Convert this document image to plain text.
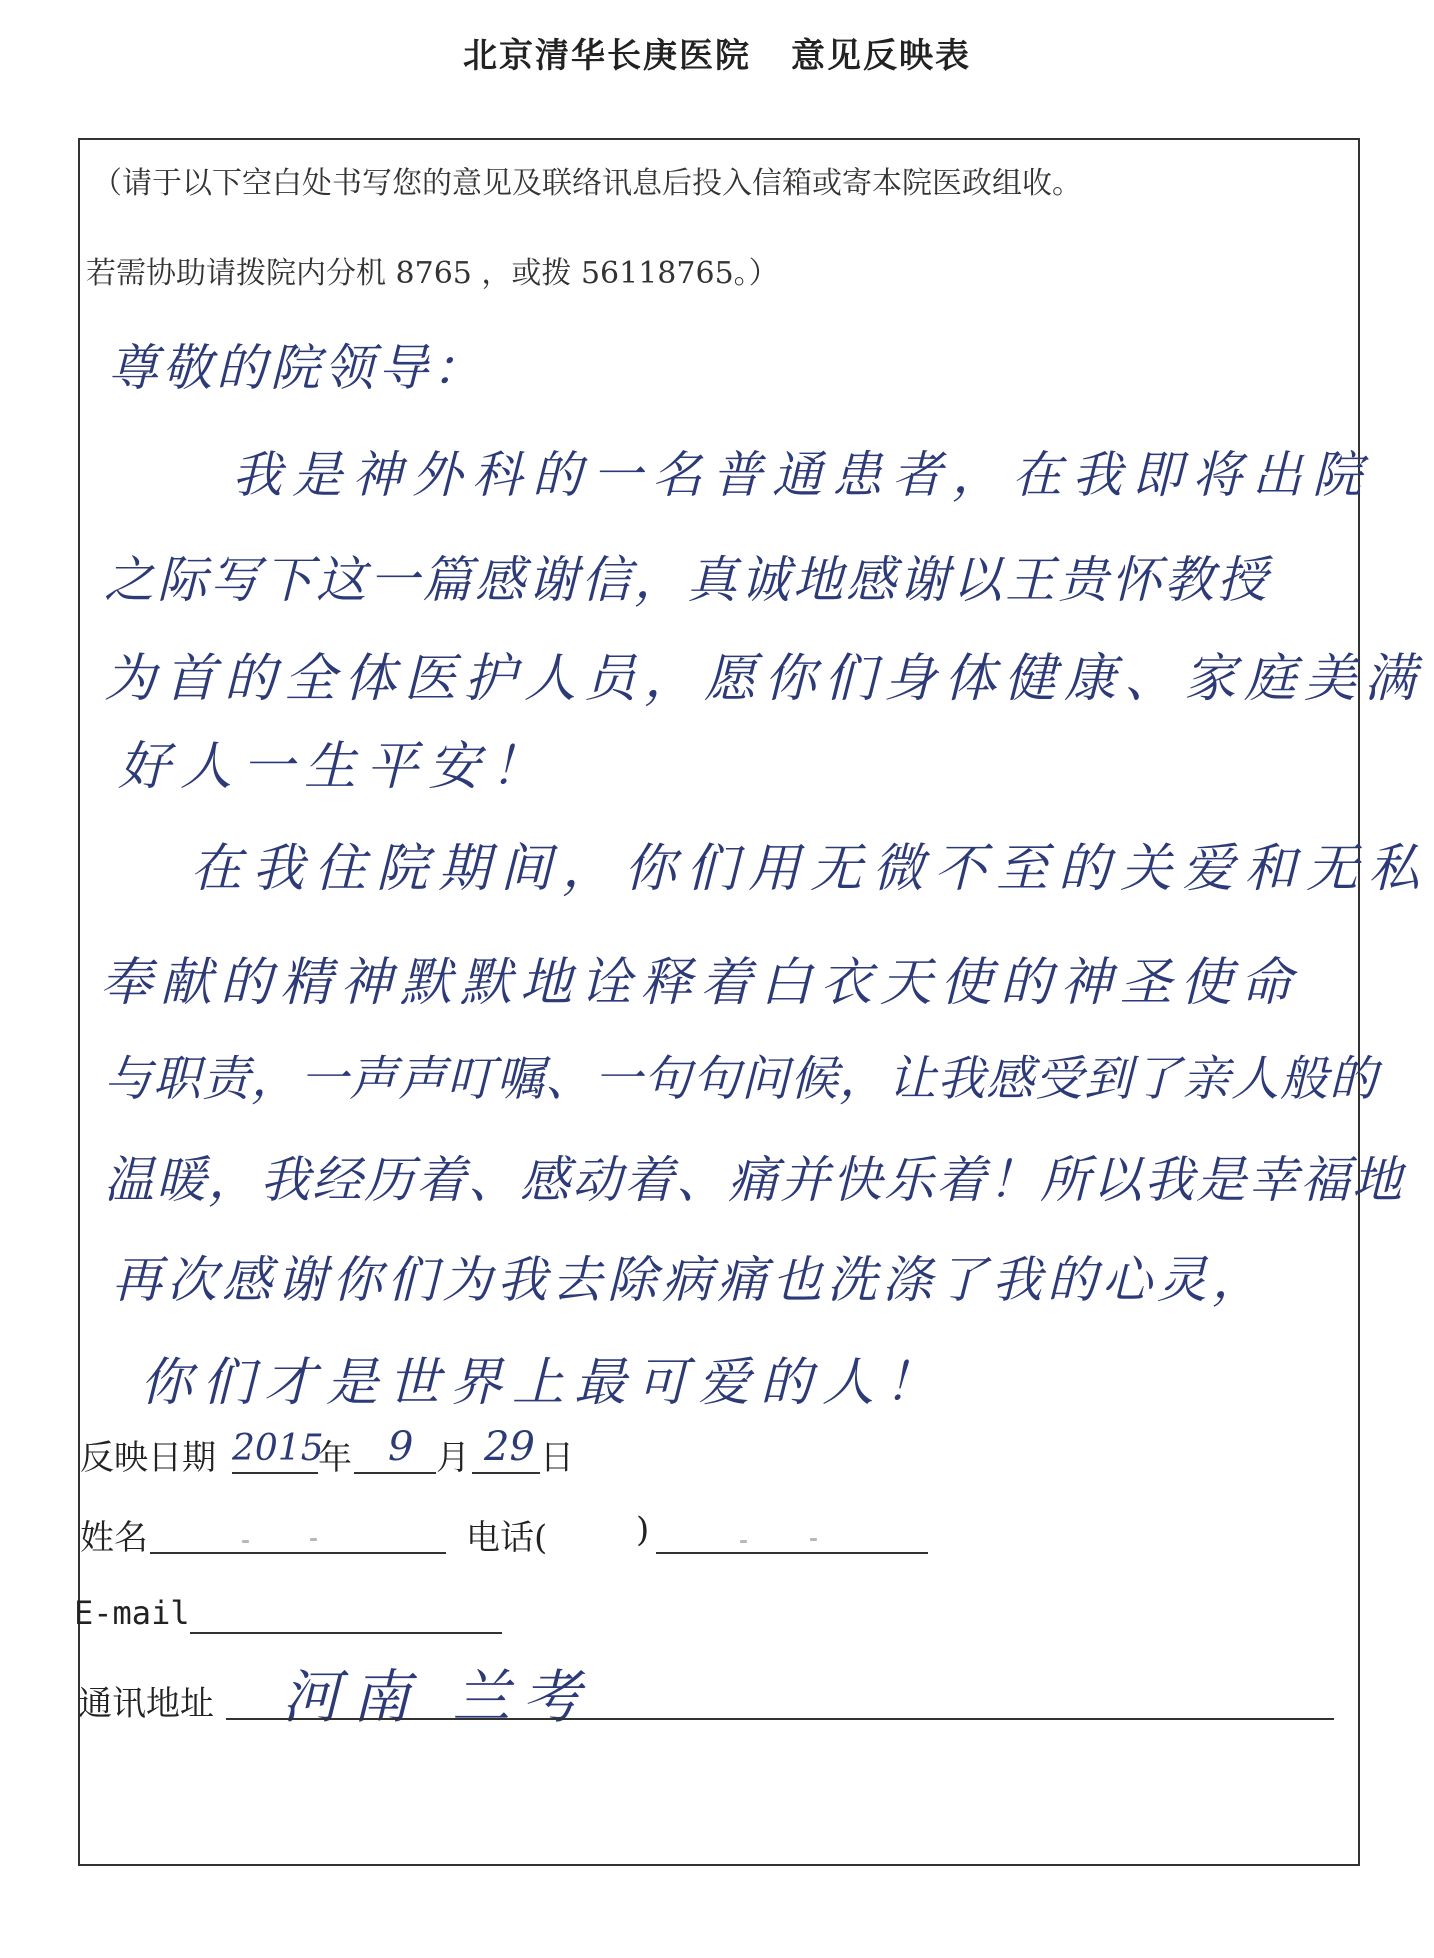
北京清华长庚医院 意见反映表
（请于以下空白处书写您的意见及联络讯息后投入信箱或寄本院医政组收。
若需协助请拨院内分机 8765 ，或拨 56118765。）
尊敬的院领导：
我是神外科的一名普通患者，在我即将出院
之际写下这一篇感谢信，真诚地感谢以王贵怀教授
为首的全体医护人员，愿你们身体健康、家庭美满
好人一生平安！
在我住院期间，你们用无微不至的关爱和无私
奉献的精神默默地诠释着白衣天使的神圣使命
与职责，一声声叮嘱、一句句问候，让我感受到了亲人般的
温暖，我经历着、感动着、痛并快乐着！所以我是幸福地
再次感谢你们为我去除病痛也洗涤了我的心灵，
你们才是世界上最可爱的人！
反映日期 2015
年 9 月 29 日
姓名	电话(	)
E-mail
通讯地址 河南 兰考
